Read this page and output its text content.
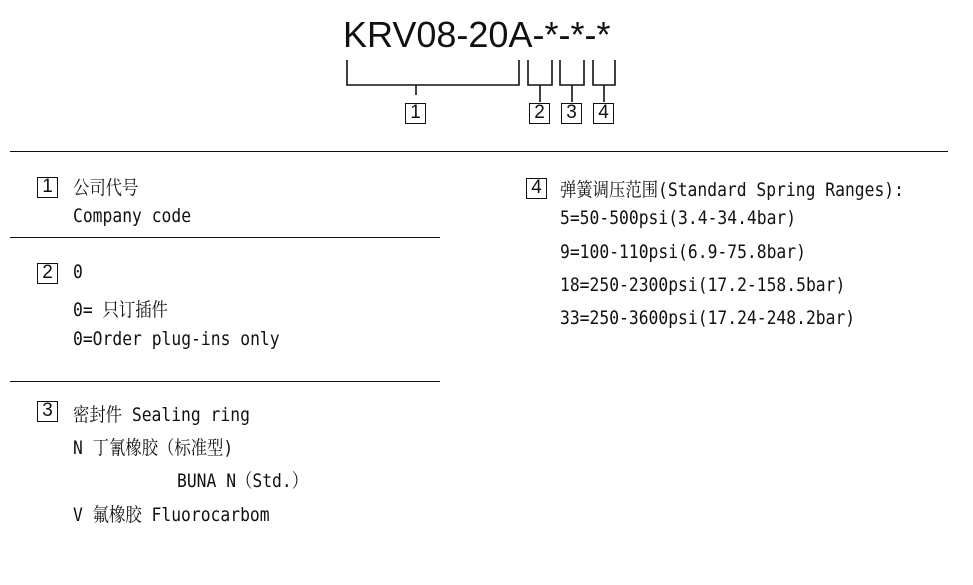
KRV08-20A-*-*-*
1	2 3 4
1 公司代号
Company code
2 0
0= 只订插件
0=Order plug-ins only
3 密封件 Sealing ring
N 丁氰橡胶（标准型)
BUNA N（Std.）
V 氟橡胶 Fluorocarbom
4 弹簧调压范围(Standard Spring Ranges):
5=50-500psi(3.4-34.4bar)
9=100-110psi(6.9-75.8bar)
18=250-2300psi(17.2-158.5bar)
33=250-3600psi(17.24-248.2bar)
